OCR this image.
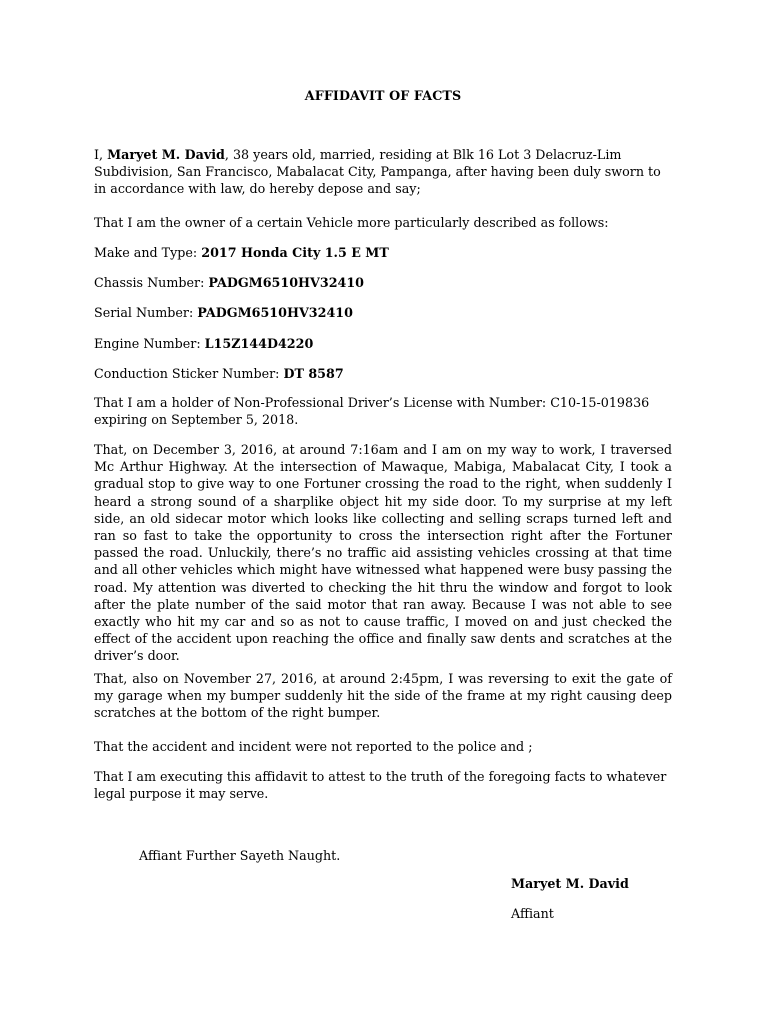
AFFIDAVIT OF FACTS

I, Maryet M. David, 38 years old, married, residing at Blk 16 Lot 3 Delacruz-Lim Subdivision, San Francisco, Mabalacat City, Pampanga, after having been duly sworn to in accordance with law, do hereby depose and say;

That I am the owner of a certain Vehicle more particularly described as follows:

Make and Type: 2017 Honda City 1.5 E MT

Chassis Number: PADGM6510HV32410

Serial Number: PADGM6510HV32410

Engine Number: L15Z144D4220

Conduction Sticker Number: DT 8587

That I am a holder of Non-Professional Driver’s License with Number: C10-15-019836 expiring on September 5, 2018.

That, on December 3, 2016, at around 7:16am and I am on my way to work, I traversed Mc Arthur Highway. At the intersection of Mawaque, Mabiga, Mabalacat City, I took a gradual stop to give way to one Fortuner crossing the road to the right, when suddenly I heard a strong sound of a sharplike object hit my side door. To my surprise at my left side, an old sidecar motor which looks like collecting and selling scraps turned left and ran so fast to take the opportunity to cross the intersection right after the Fortuner passed the road. Unluckily, there’s no traffic aid assisting vehicles crossing at that time and all other vehicles which might have witnessed what happened were busy passing the road. My attention was diverted to checking the hit thru the window and forgot to look after the plate number of the said motor that ran away. Because I was not able to see exactly who hit my car and so as not to cause traffic, I moved on and just checked the effect of the accident upon reaching the office and finally saw dents and scratches at the driver’s door.

That, also on November 27, 2016, at around 2:45pm, I was reversing to exit the gate of my garage when my bumper suddenly hit the side of the frame at my right causing deep scratches at the bottom of the right bumper.

That the accident and incident were not reported to the police and ;

That I am executing this affidavit to attest to the truth of the foregoing facts to whatever legal purpose it may serve.

Affiant Further Sayeth Naught.
Maryet M. David
Affiant
